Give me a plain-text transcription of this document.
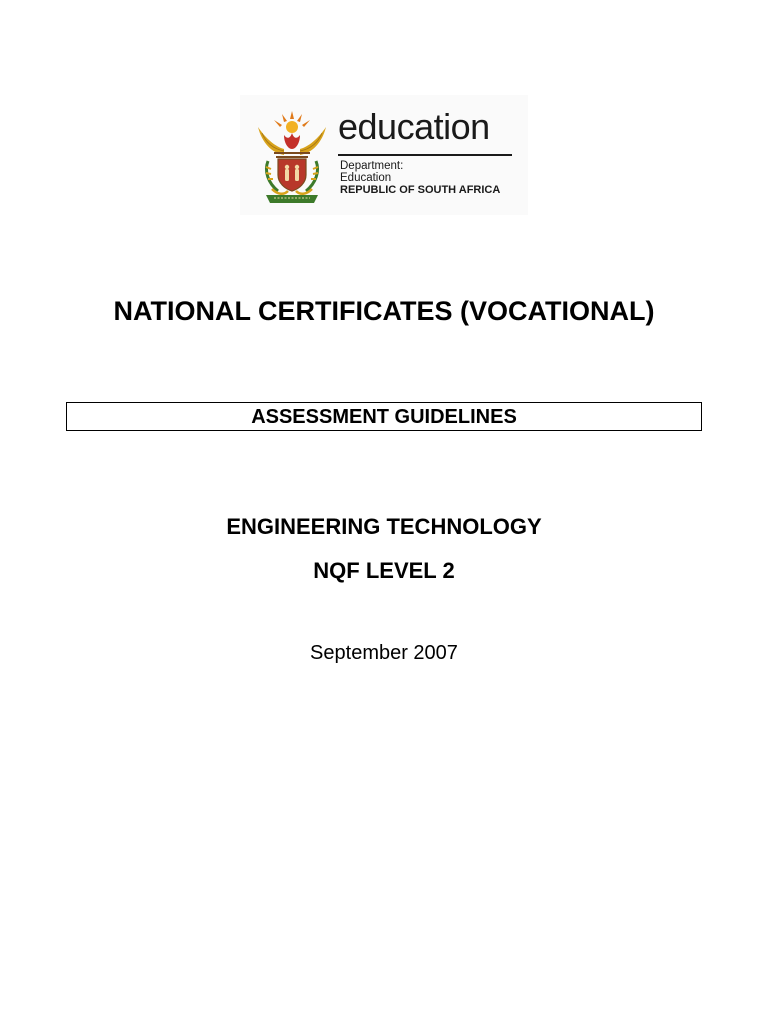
education
Department:
Education
REPUBLIC OF SOUTH AFRICA
NATIONAL CERTIFICATES (VOCATIONAL)
ASSESSMENT GUIDELINES
ENGINEERING TECHNOLOGY
NQF LEVEL 2
September 2007
